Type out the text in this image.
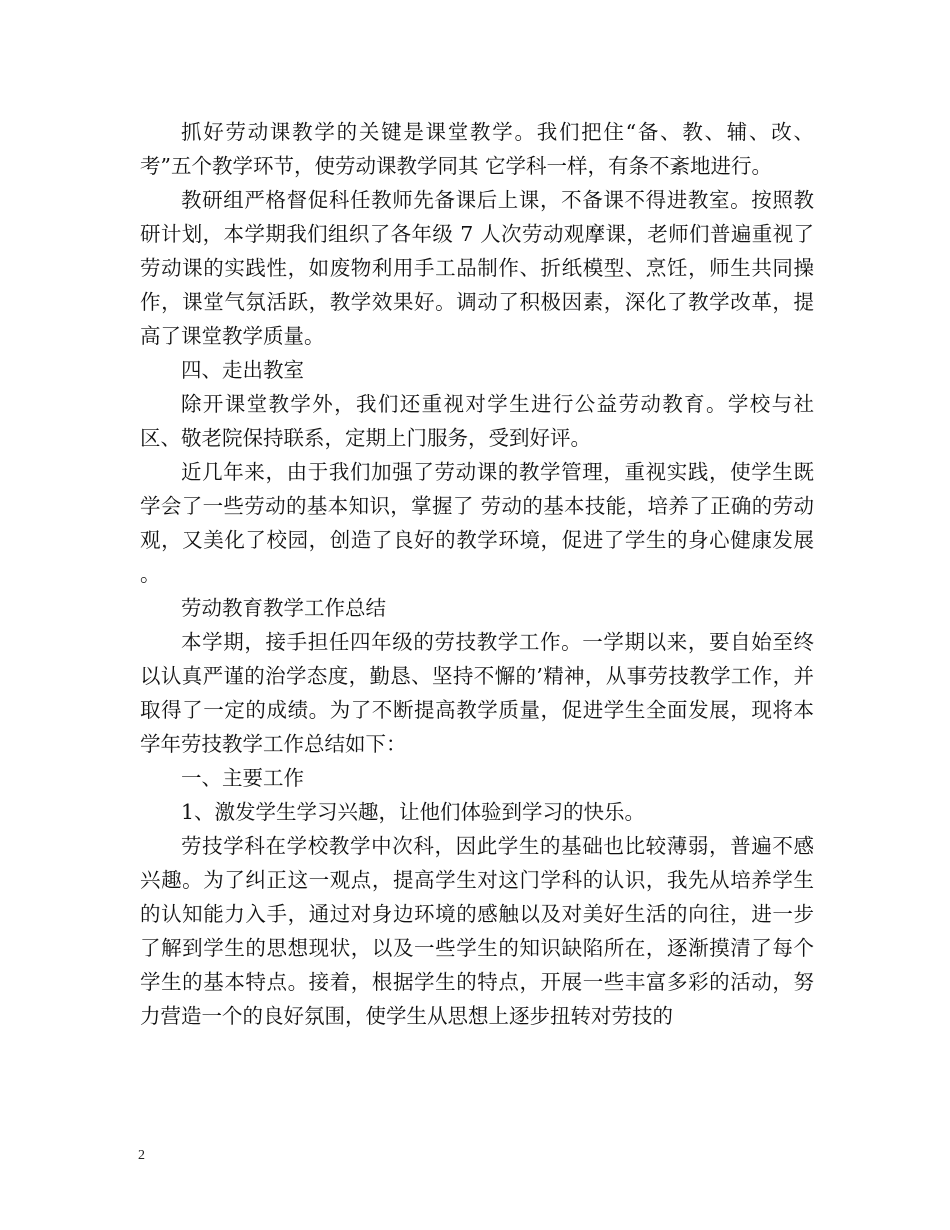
抓好劳动课教学的关键是课堂教学。我们把住“备、教、辅、改、考”五个教学环节，使劳动课教学同其 它学科一样，有条不紊地进行。

教研组严格督促科任教师先备课后上课，不备课不得进教室。按照教研计划，本学期我们组织了各年级 7 人次劳动观摩课，老师们普遍重视了劳动课的实践性，如废物利用手工品制作、折纸模型、烹饪，师生共同操作，课堂气氛活跃，教学效果好。调动了积极因素，深化了教学改革，提高了课堂教学质量。

四、走出教室

除开课堂教学外，我们还重视对学生进行公益劳动教育。学校与社区、敬老院保持联系，定期上门服务，受到好评。

近几年来，由于我们加强了劳动课的教学管理，重视实践，使学生既学会了一些劳动的基本知识，掌握了 劳动的基本技能，培养了正确的劳动观，又美化了校园，创造了良好的教学环境，促进了学生的身心健康发展 。

劳动教育教学工作总结

本学期，接手担任四年级的劳技教学工作。一学期以来，要自始至终以认真严谨的治学态度，勤恳、坚持不懈的’精神，从事劳技教学工作，并取得了一定的成绩。为了不断提高教学质量，促进学生全面发展，现将本学年劳技教学工作总结如下：

一、主要工作

1、激发学生学习兴趣，让他们体验到学习的快乐。

劳技学科在学校教学中次科，因此学生的基础也比较薄弱，普遍不感兴趣。为了纠正这一观点，提高学生对这门学科的认识，我先从培养学生的认知能力入手，通过对身边环境的感触以及对美好生活的向往，进一步了解到学生的思想现状，以及一些学生的知识缺陷所在，逐渐摸清了每个学生的基本特点。接着，根据学生的特点，开展一些丰富多彩的活动，努力营造一个的良好氛围，使学生从思想上逐步扭转对劳技的

2
